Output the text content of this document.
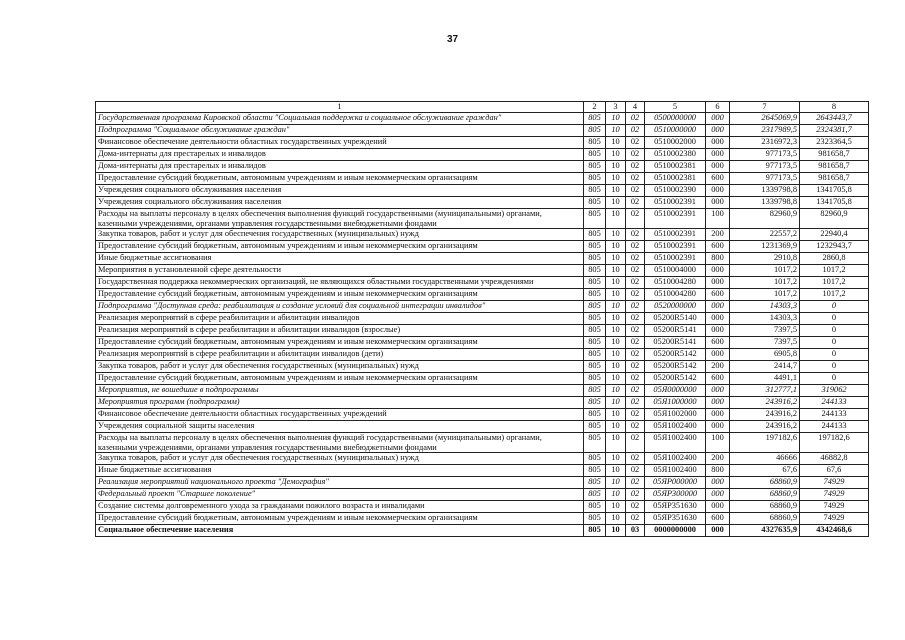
37
1	2	3	4	5	6	7	8
Государственная программа Кировской области "Социальная поддержка и социальное обслуживание граждан"	805	10	02	0500000000	000	2645069,9	2643443,7
Подпрограмма "Социальное обслуживание граждан"	805	10	02	0510000000	000	2317989,5	2324381,7
Финансовое обеспечение деятельности областных государственных учреждений	805	10	02	0510002000	000	2316972,3	2323364,5
Дома-интернаты для престарелых и инвалидов	805	10	02	0510002380	000	977173,5	981658,7
Дома-интернаты для престарелых и инвалидов	805	10	02	0510002381	000	977173,5	981658,7
Предоставление субсидий бюджетным, автономным учреждениям и иным некоммерческим организациям	805	10	02	0510002381	600	977173,5	981658,7
Учреждения социального обслуживания населения	805	10	02	0510002390	000	1339798,8	1341705,8
Учреждения социального обслуживания населения	805	10	02	0510002391	000	1339798,8	1341705,8
Расходы на выплаты персоналу в целях обеспечения выполнения функций государственными (муниципальными) органами, казенными учреждениями, органами управления государственными внебюджетными фондами	805	10	02	0510002391	100	82960,9	82960,9
Закупка товаров, работ и услуг для обеспечения государственных (муниципальных) нужд	805	10	02	0510002391	200	22557,2	22940,4
Предоставление субсидий бюджетным, автономным учреждениям и иным некоммерческим организациям	805	10	02	0510002391	600	1231369,9	1232943,7
Иные бюджетные ассигнования	805	10	02	0510002391	800	2910,8	2860,8
Мероприятия в установленной сфере деятельности	805	10	02	0510004000	000	1017,2	1017,2
Государственная поддержка некоммерческих организаций, не являющихся областными государственными учреждениями	805	10	02	0510004280	000	1017,2	1017,2
Предоставление субсидий бюджетным, автономным учреждениям и иным некоммерческим организациям	805	10	02	0510004280	600	1017,2	1017,2
Подпрограмма "Доступная среда: реабилитация и создание условий для социальной интеграции инвалидов"	805	10	02	0520000000	000	14303,3	0
Реализация мероприятий в сфере реабилитации и абилитации инвалидов	805	10	02	05200R5140	000	14303,3	0
Реализация мероприятий в сфере реабилитации и абилитации инвалидов (взрослые)	805	10	02	05200R5141	000	7397,5	0
Предоставление субсидий бюджетным, автономным учреждениям и иным некоммерческим организациям	805	10	02	05200R5141	600	7397,5	0
Реализация мероприятий в сфере реабилитации и абилитации инвалидов (дети)	805	10	02	05200R5142	000	6905,8	0
Закупка товаров, работ и услуг для обеспечения государственных (муниципальных) нужд	805	10	02	05200R5142	200	2414,7	0
Предоставление субсидий бюджетным, автономным учреждениям и иным некоммерческим организациям	805	10	02	05200R5142	600	4491,1	0
Мероприятия, не вошедшие в подпрограммы	805	10	02	05Я0000000	000	312777,1	319062
Мероприятия программ (подпрограмм)	805	10	02	05Я1000000	000	243916,2	244133
Финансовое обеспечение деятельности областных государственных учреждений	805	10	02	05Я1002000	000	243916,2	244133
Учреждения социальной защиты населения	805	10	02	05Я1002400	000	243916,2	244133
Расходы на выплаты персоналу в целях обеспечения выполнения функций государственными (муниципальными) органами, казенными учреждениями, органами управления государственными внебюджетными фондами	805	10	02	05Я1002400	100	197182,6	197182,6
Закупка товаров, работ и услуг для обеспечения государственных (муниципальных) нужд	805	10	02	05Я1002400	200	46666	46882,8
Иные бюджетные ассигнования	805	10	02	05Я1002400	800	67,6	67,6
Реализация мероприятий национального проекта "Демография"	805	10	02	05ЯP000000	000	68860,9	74929
Федеральный проект "Старшее поколение"	805	10	02	05ЯP300000	000	68860,9	74929
Создание системы долговременного ухода за гражданами пожилого возраста и инвалидами	805	10	02	05ЯP351630	000	68860,9	74929
Предоставление субсидий бюджетным, автономным учреждениям и иным некоммерческим организациям	805	10	02	05ЯP351630	600	68860,9	74929
Социальное обеспечение населения	805	10	03	0000000000	000	4327635,9	4342468,6
